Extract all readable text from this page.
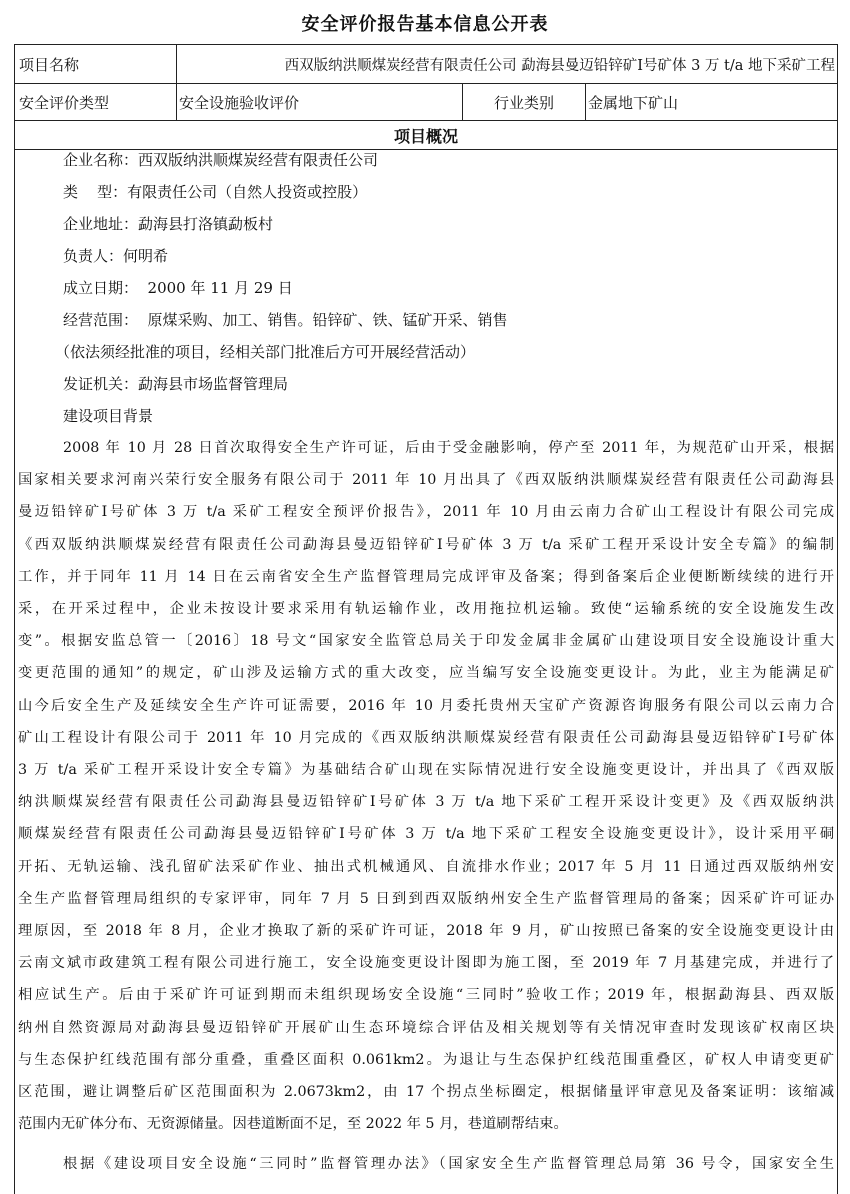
安全评价报告基本信息公开表
项目名称	西双版纳洪顺煤炭经营有限责任公司 勐海县曼迈铅锌矿Ⅰ号矿体 3 万 t/a 地下采矿工程
安全评价类型	安全设施验收评价	行业类别	金属地下矿山
项目概况
企业名称：西双版纳洪顺煤炭经营有限责任公司
类    型：有限责任公司（自然人投资或控股）
企业地址：勐海县打洛镇勐板村
负责人：何明希
成立日期：  2000 年 11 月 29 日
经营范围：  原煤采购、加工、销售。铅锌矿、铁、锰矿开采、销售
（依法须经批准的项目，经相关部门批准后方可开展经营活动）
发证机关：勐海县市场监督管理局
建设项目背景
2008 年 10 月 28 日首次取得安全生产许可证，后由于受金融影响，停产至 2011 年，为规范矿山开采，根据
国家相关要求河南兴荣行安全服务有限公司于 2011 年 10 月出具了《西双版纳洪顺煤炭经营有限责任公司勐海县
曼迈铅锌矿Ⅰ号矿体 3 万 t/a 采矿工程安全预评价报告》，2011 年 10 月由云南力合矿山工程设计有限公司完成
《西双版纳洪顺煤炭经营有限责任公司勐海县曼迈铅锌矿Ⅰ号矿体 3 万 t/a 采矿工程开采设计安全专篇》的编制
工作，并于同年 11 月 14 日在云南省安全生产监督管理局完成评审及备案；得到备案后企业便断断续续的进行开
采，在开采过程中，企业未按设计要求采用有轨运输作业，改用拖拉机运输。致使“运输系统的安全设施发生改
变”。根据安监总管一〔2016〕18 号文“国家安全监管总局关于印发金属非金属矿山建设项目安全设施设计重大
变更范围的通知”的规定，矿山涉及运输方式的重大改变，应当编写安全设施变更设计。为此，业主为能满足矿
山今后安全生产及延续安全生产许可证需要，2016 年 10 月委托贵州天宝矿产资源咨询服务有限公司以云南力合
矿山工程设计有限公司于 2011 年 10 月完成的《西双版纳洪顺煤炭经营有限责任公司勐海县曼迈铅锌矿Ⅰ号矿体
3 万 t/a 采矿工程开采设计安全专篇》为基础结合矿山现在实际情况进行安全设施变更设计，并出具了《西双版
纳洪顺煤炭经营有限责任公司勐海县曼迈铅锌矿Ⅰ号矿体 3 万 t/a 地下采矿工程开采设计变更》及《西双版纳洪
顺煤炭经营有限责任公司勐海县曼迈铅锌矿Ⅰ号矿体 3 万 t/a 地下采矿工程安全设施变更设计》，设计采用平硐
开拓、无轨运输、浅孔留矿法采矿作业、抽出式机械通风、自流排水作业；2017 年 5 月 11 日通过西双版纳州安
全生产监督管理局组织的专家评审，同年 7 月 5 日到到西双版纳州安全生产监督管理局的备案；因采矿许可证办
理原因，至 2018 年 8 月，企业才换取了新的采矿许可证，2018 年 9 月，矿山按照已备案的安全设施变更设计由
云南文斌市政建筑工程有限公司进行施工，安全设施变更设计图即为施工图，至 2019 年 7 月基建完成，并进行了
相应试生产。后由于采矿许可证到期而未组织现场安全设施“三同时”验收工作；2019 年，根据勐海县、西双版
纳州自然资源局对勐海县曼迈铅锌矿开展矿山生态环境综合评估及相关规划等有关情况审查时发现该矿权南区块
与生态保护红线范围有部分重叠，重叠区面积 0.061km2。为退让与生态保护红线范围重叠区，矿权人申请变更矿
区范围，避让调整后矿区范围面积为 2.0673km2，由 17 个拐点坐标圈定，根据储量评审意见及备案证明：该缩减
范围内无矿体分布、无资源储量。因巷道断面不足，至 2022 年 5 月，巷道刷帮结束。
根据《建设项目安全设施“三同时”监督管理办法》（国家安全生产监督管理总局第 36 号令，国家安全生
